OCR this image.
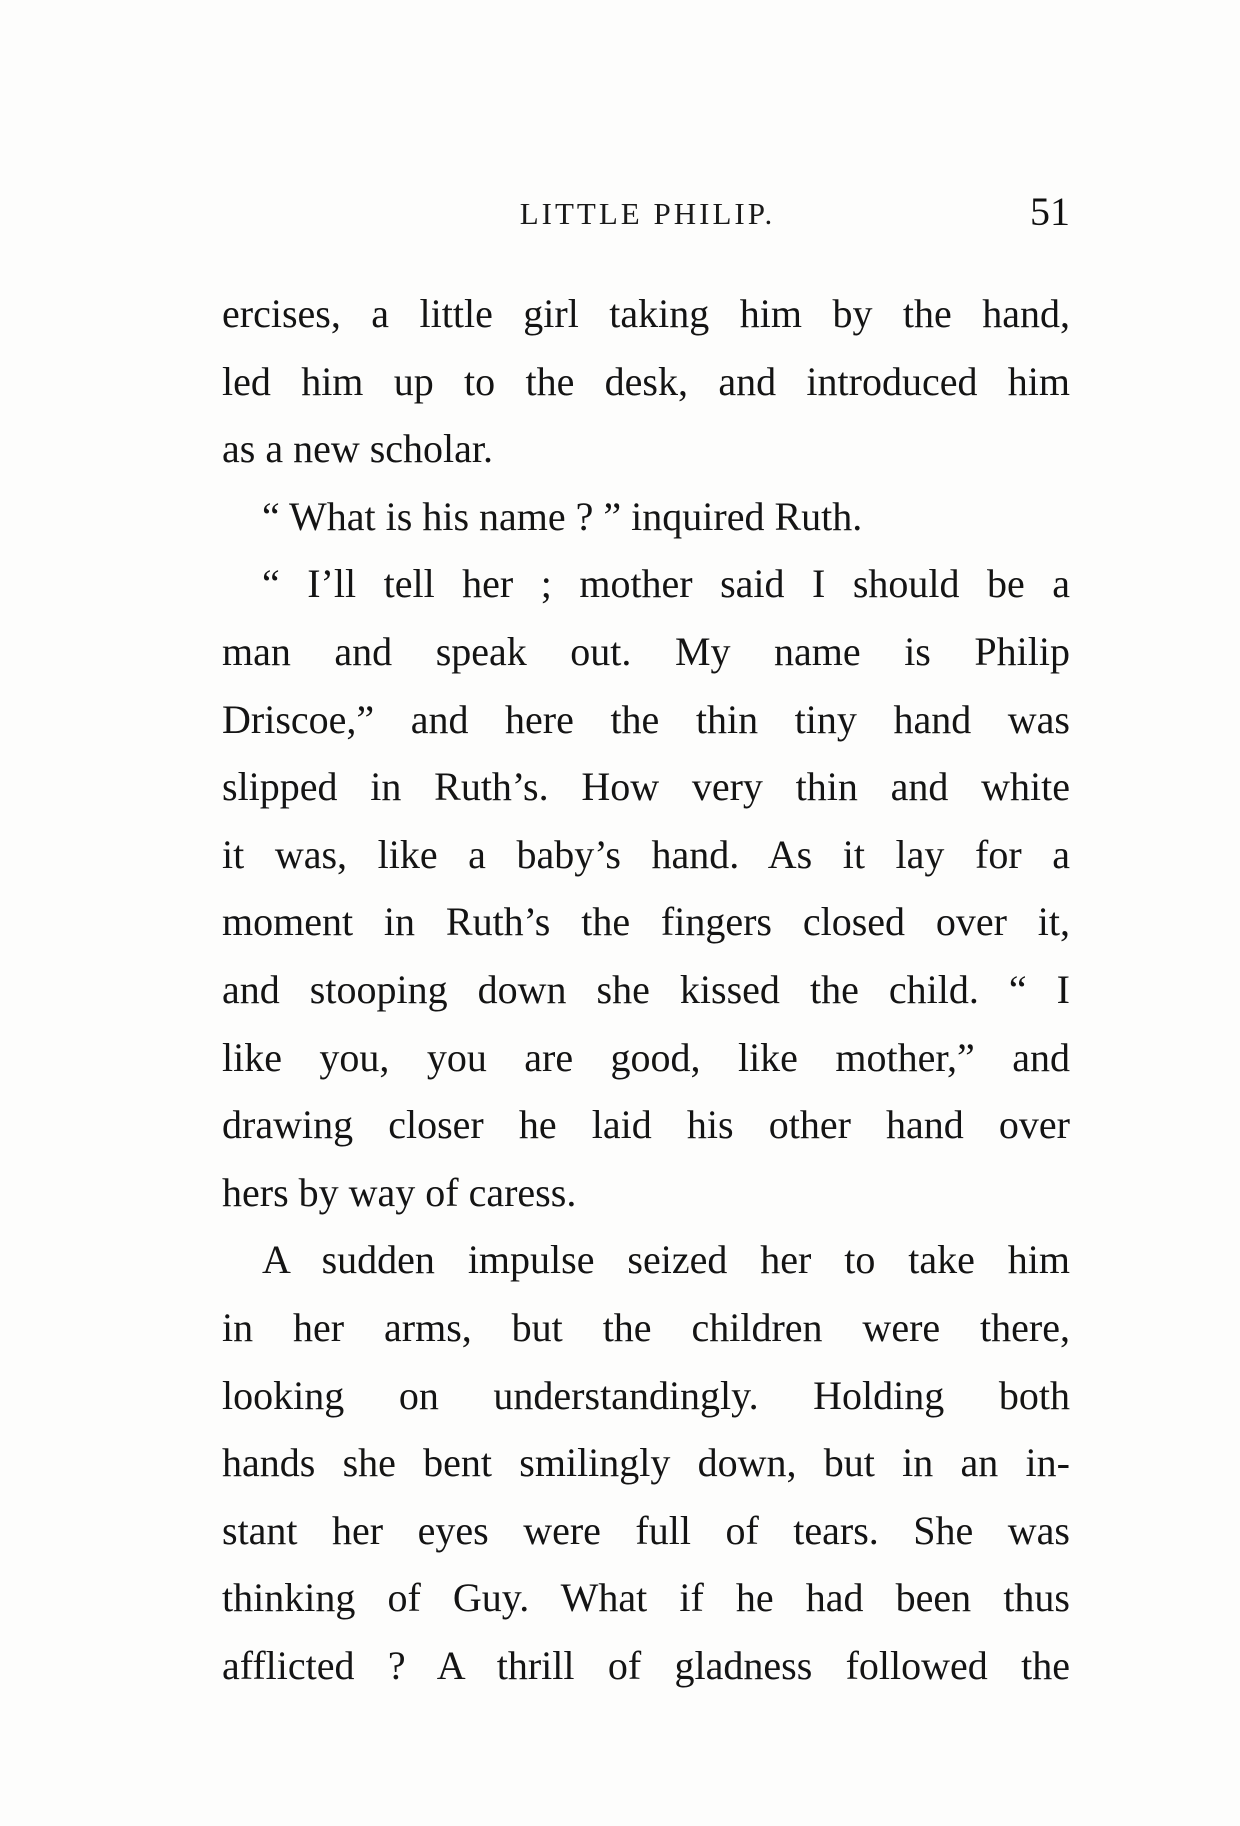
LITTLE PHILIP.	51
ercises, a little girl taking him by the hand,
led him up to the desk, and introduced him
as a new scholar.
“ What is his name ? ” inquired Ruth.
“ I’ll tell her ; mother said I should be a
man and speak out. My name is Philip
Driscoe,” and here the thin tiny hand was
slipped in Ruth’s. How very thin and white
it was, like a baby’s hand. As it lay for a
moment in Ruth’s the fingers closed over it,
and stooping down she kissed the child. “ I
like you, you are good, like mother,” and
drawing closer he laid his other hand over
hers by way of caress.
A sudden impulse seized her to take him
in her arms, but the children were there,
looking on understandingly. Holding both
hands she bent smilingly down, but in an in-
stant her eyes were full of tears. She was
thinking of Guy. What if he had been thus
afflicted ? A thrill of gladness followed the
